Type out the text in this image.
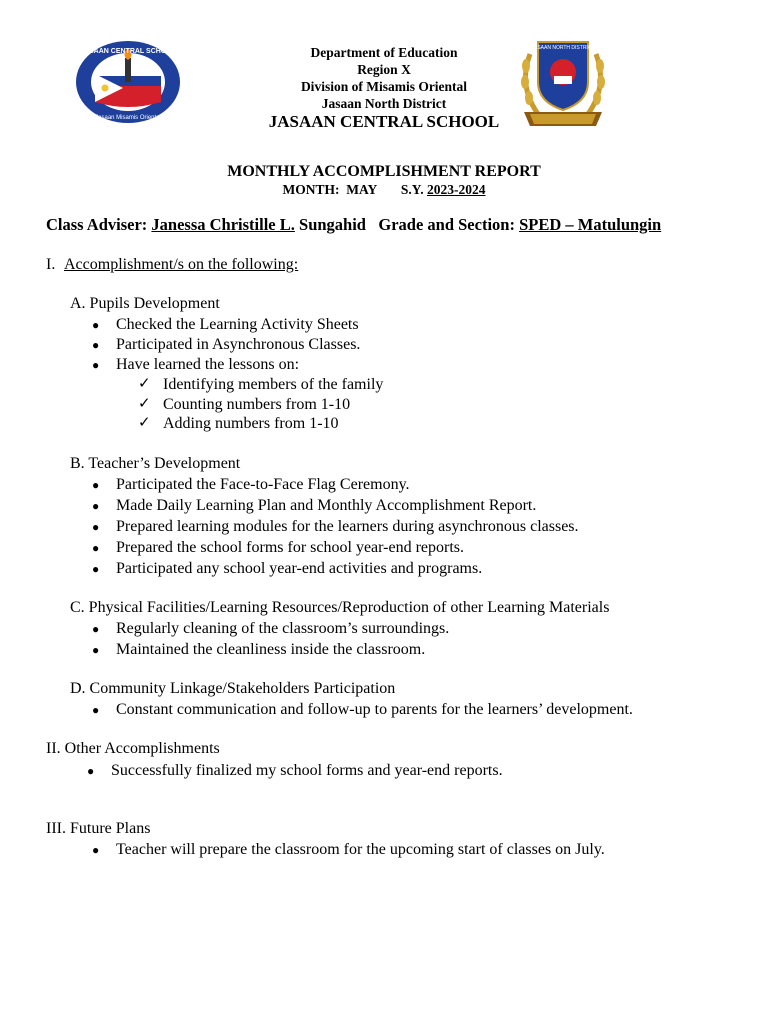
JASAAN CENTRAL SCHOOL
Jasaan Misamis Oriental
JASAAN NORTH DISTRICT
Department of Education
Region X
Division of Misamis Oriental
Jasaan North District
JASAAN CENTRAL SCHOOL
MONTHLY ACCOMPLISHMENT REPORT
MONTH: MAY S.Y. 2023-2024
Class Adviser: Janessa Christille L. Sungahid Grade and Section: SPED – Matulungin
I. Accomplishment/s on the following:
A. Pupils Development
● Checked the Learning Activity Sheets
● Participated in Asynchronous Classes.
● Have learned the lessons on:
✓ Identifying members of the family
✓ Counting numbers from 1-10
✓ Adding numbers from 1-10
B. Teacher’s Development
● Participated the Face-to-Face Flag Ceremony.
● Made Daily Learning Plan and Monthly Accomplishment Report.
● Prepared learning modules for the learners during asynchronous classes.
● Prepared the school forms for school year-end reports.
● Participated any school year-end activities and programs.
C. Physical Facilities/Learning Resources/Reproduction of other Learning Materials
● Regularly cleaning of the classroom’s surroundings.
● Maintained the cleanliness inside the classroom.
D. Community Linkage/Stakeholders Participation
● Constant communication and follow-up to parents for the learners’ development.
II. Other Accomplishments
● Successfully finalized my school forms and year-end reports.
III. Future Plans
● Teacher will prepare the classroom for the upcoming start of classes on July.
